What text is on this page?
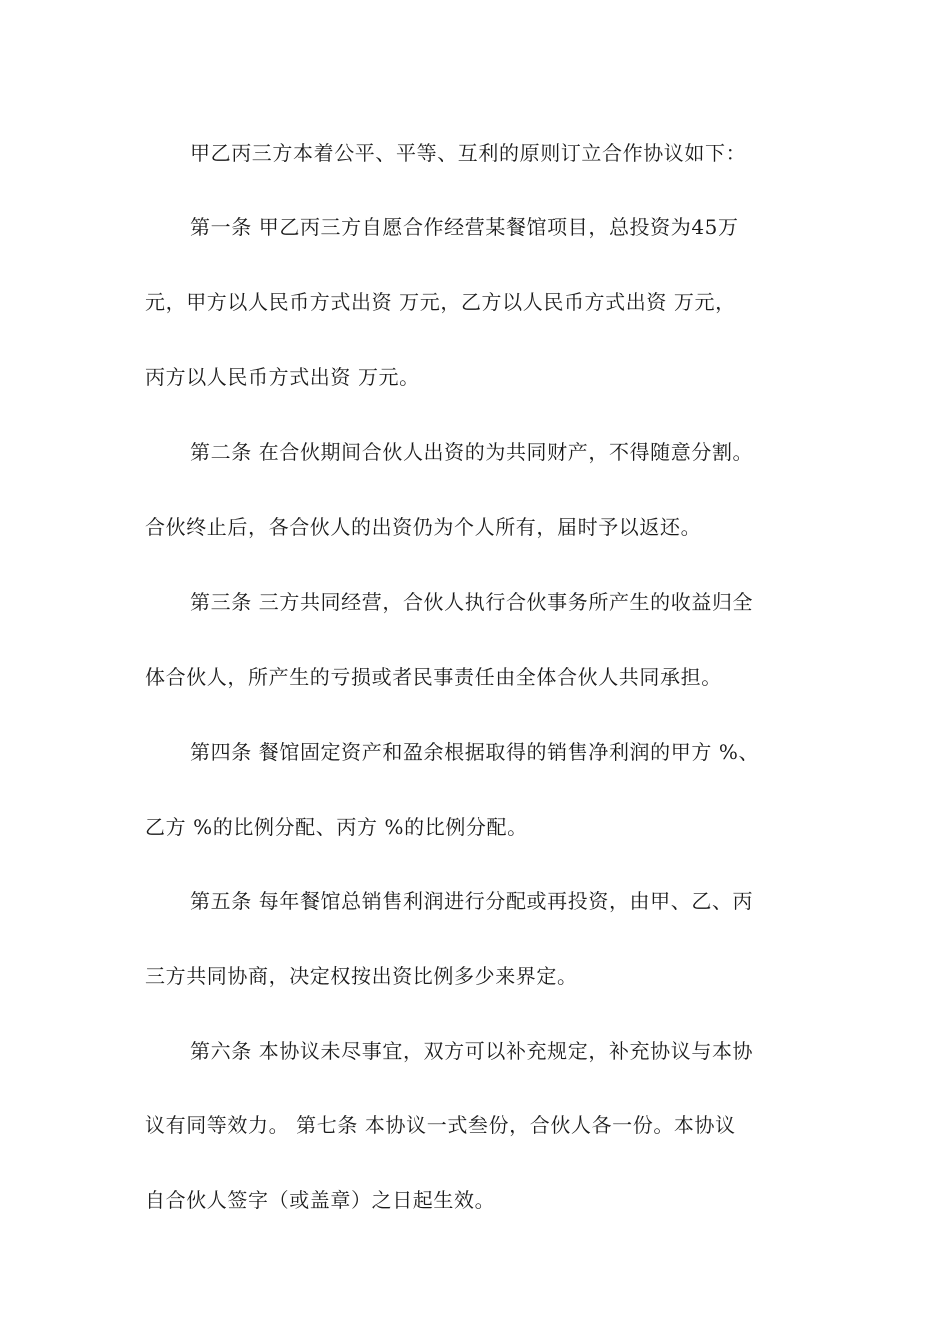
甲乙丙三方本着公平、平等、互利的原则订立合作协议如下：
第一条 甲乙丙三方自愿合作经营某餐馆项目，总投资为45万
元，甲方以人民币方式出资 万元，乙方以人民币方式出资 万元，
丙方以人民币方式出资 万元。
第二条 在合伙期间合伙人出资的为共同财产，不得随意分割。
合伙终止后，各合伙人的出资仍为个人所有，届时予以返还。
第三条 三方共同经营，合伙人执行合伙事务所产生的收益归全
体合伙人，所产生的亏损或者民事责任由全体合伙人共同承担。
第四条 餐馆固定资产和盈余根据取得的销售净利润的甲方 %、
乙方 %的比例分配、丙方 %的比例分配。
第五条 每年餐馆总销售利润进行分配或再投资，由甲、乙、丙
三方共同协商，决定权按出资比例多少来界定。
第六条 本协议未尽事宜，双方可以补充规定，补充协议与本协
议有同等效力。 第七条 本协议一式叁份，合伙人各一份。本协议
自合伙人签字（或盖章）之日起生效。
